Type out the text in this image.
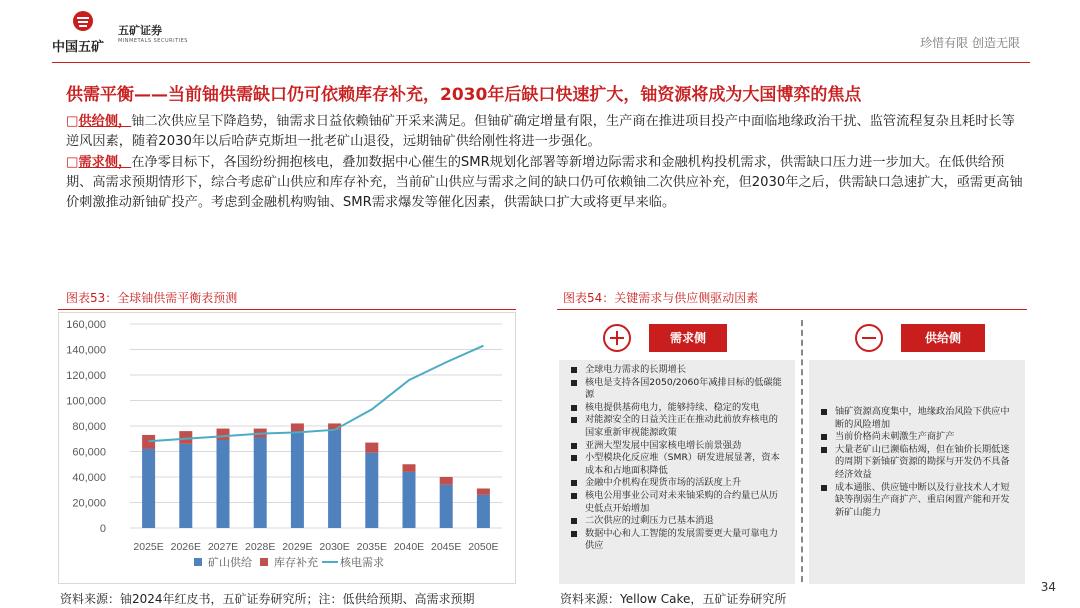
中国五矿
五矿证券
MINMETALS SECURITIES	珍惜有限 创造无限
供需平衡——当前铀供需缺口仍可依赖库存补充，2030年后缺口快速扩大，铀资源将成为大国博弈的焦点
□供给侧，铀二次供应呈下降趋势，铀需求日益依赖铀矿开采来满足。但铀矿确定增量有限，生产商在推进项目投产中面临地缘政治干扰、监管流程复杂且耗时长等逆风因素，随着2030年以后哈萨克斯坦一批老矿山退役，远期铀矿供给刚性将进一步强化。
□需求侧，在净零目标下，各国纷纷拥抱核电，叠加数据中心催生的SMR规划化部署等新增边际需求和金融机构投机需求，供需缺口压力进一步加大。在低供给预期、高需求预期情形下，综合考虑矿山供应和库存补充，当前矿山供应与需求之间的缺口仍可依赖铀二次供应补充，但2030年之后，供需缺口急速扩大，亟需更高铀价刺激推动新铀矿投产。考虑到金融机构购铀、SMR需求爆发等催化因素，供需缺口扩大或将更早来临。
图表53：全球铀供需平衡表预测	图表54：关键需求与供应侧驱动因素
0
20,000
40,000
60,000
80,000
100,000
120,000
140,000
160,000
2025E 2026E 2027E 2028E 2029E 2030E 2035E 2040E 2045E 2050E
矿山供给 库存补充 核电需求
需求侧	供给侧
全球电力需求的长期增长
核电是支持各国2050/2060年减排目标的低碳能源
核电提供基荷电力，能够持续、稳定的发电
对能源安全的日益关注正在推动此前放弃核电的国家重新审视能源政策
亚洲大型发展中国家核电增长前景强劲
小型模块化反应堆（SMR）研发进展显著，资本成本和占地面积降低
金融中介机构在现货市场的活跃度上升
核电公用事业公司对未来铀采购的合约量已从历史低点开始增加
二次供应的过剩压力已基本消退
数据中心和人工智能的发展需要更大量可靠电力供应
铀矿资源高度集中，地缘政治风险下供应中断的风险增加
当前价格尚未刺激生产商扩产
大量老矿山已濒临枯竭，但在铀价长期低迷的周期下新铀矿资源的勘探与开发仍不具备经济效益
成本通胀、供应链中断以及行业技术人才短缺等削弱生产商扩产、重启闲置产能和开发新矿山能力
资料来源：铀2024年红皮书，五矿证券研究所；注：低供给预期、高需求预期	资料来源：Yellow Cake，五矿证券研究所
34
